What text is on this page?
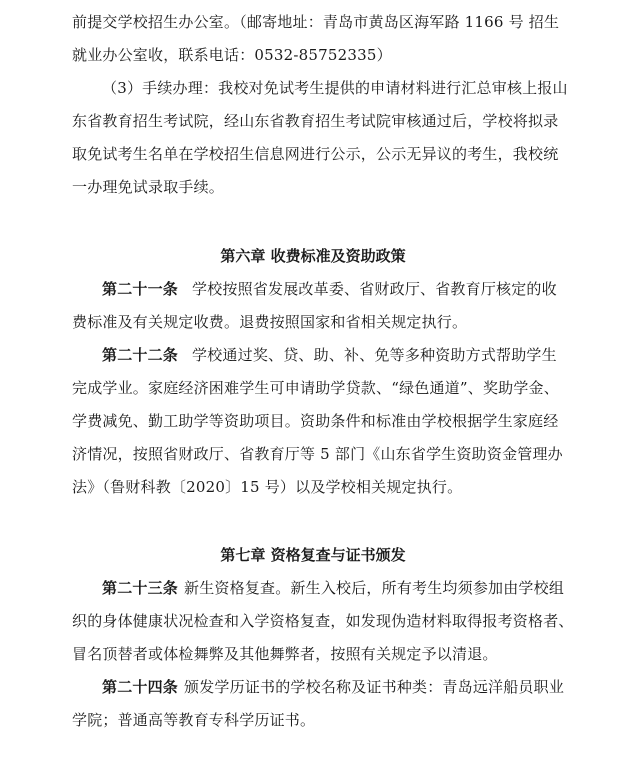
前提交学校招生办公室。（邮寄地址：青岛市黄岛区海军路 1166 号 招生
就业办公室收，联系电话：0532-85752335）
（3）手续办理：我校对免试考生提供的申请材料进行汇总审核上报山
东省教育招生考试院，经山东省教育招生考试院审核通过后，学校将拟录
取免试考生名单在学校招生信息网进行公示，公示无异议的考生，我校统
一办理免试录取手续。
第六章 收费标准及资助政策
第二十一条 学校按照省发展改革委、省财政厅、省教育厅核定的收
费标准及有关规定收费。退费按照国家和省相关规定执行。
第二十二条 学校通过奖、贷、助、补、免等多种资助方式帮助学生
完成学业。家庭经济困难学生可申请助学贷款、“绿色通道”、奖助学金、
学费减免、勤工助学等资助项目。资助条件和标准由学校根据学生家庭经
济情况，按照省财政厅、省教育厅等 5 部门《山东省学生资助资金管理办
法》（鲁财科教〔2020〕15 号）以及学校相关规定执行。
第七章 资格复查与证书颁发
第二十三条 新生资格复查。新生入校后，所有考生均须参加由学校组
织的身体健康状况检查和入学资格复查，如发现伪造材料取得报考资格者、
冒名顶替者或体检舞弊及其他舞弊者，按照有关规定予以清退。
第二十四条 颁发学历证书的学校名称及证书种类：青岛远洋船员职业
学院；普通高等教育专科学历证书。
